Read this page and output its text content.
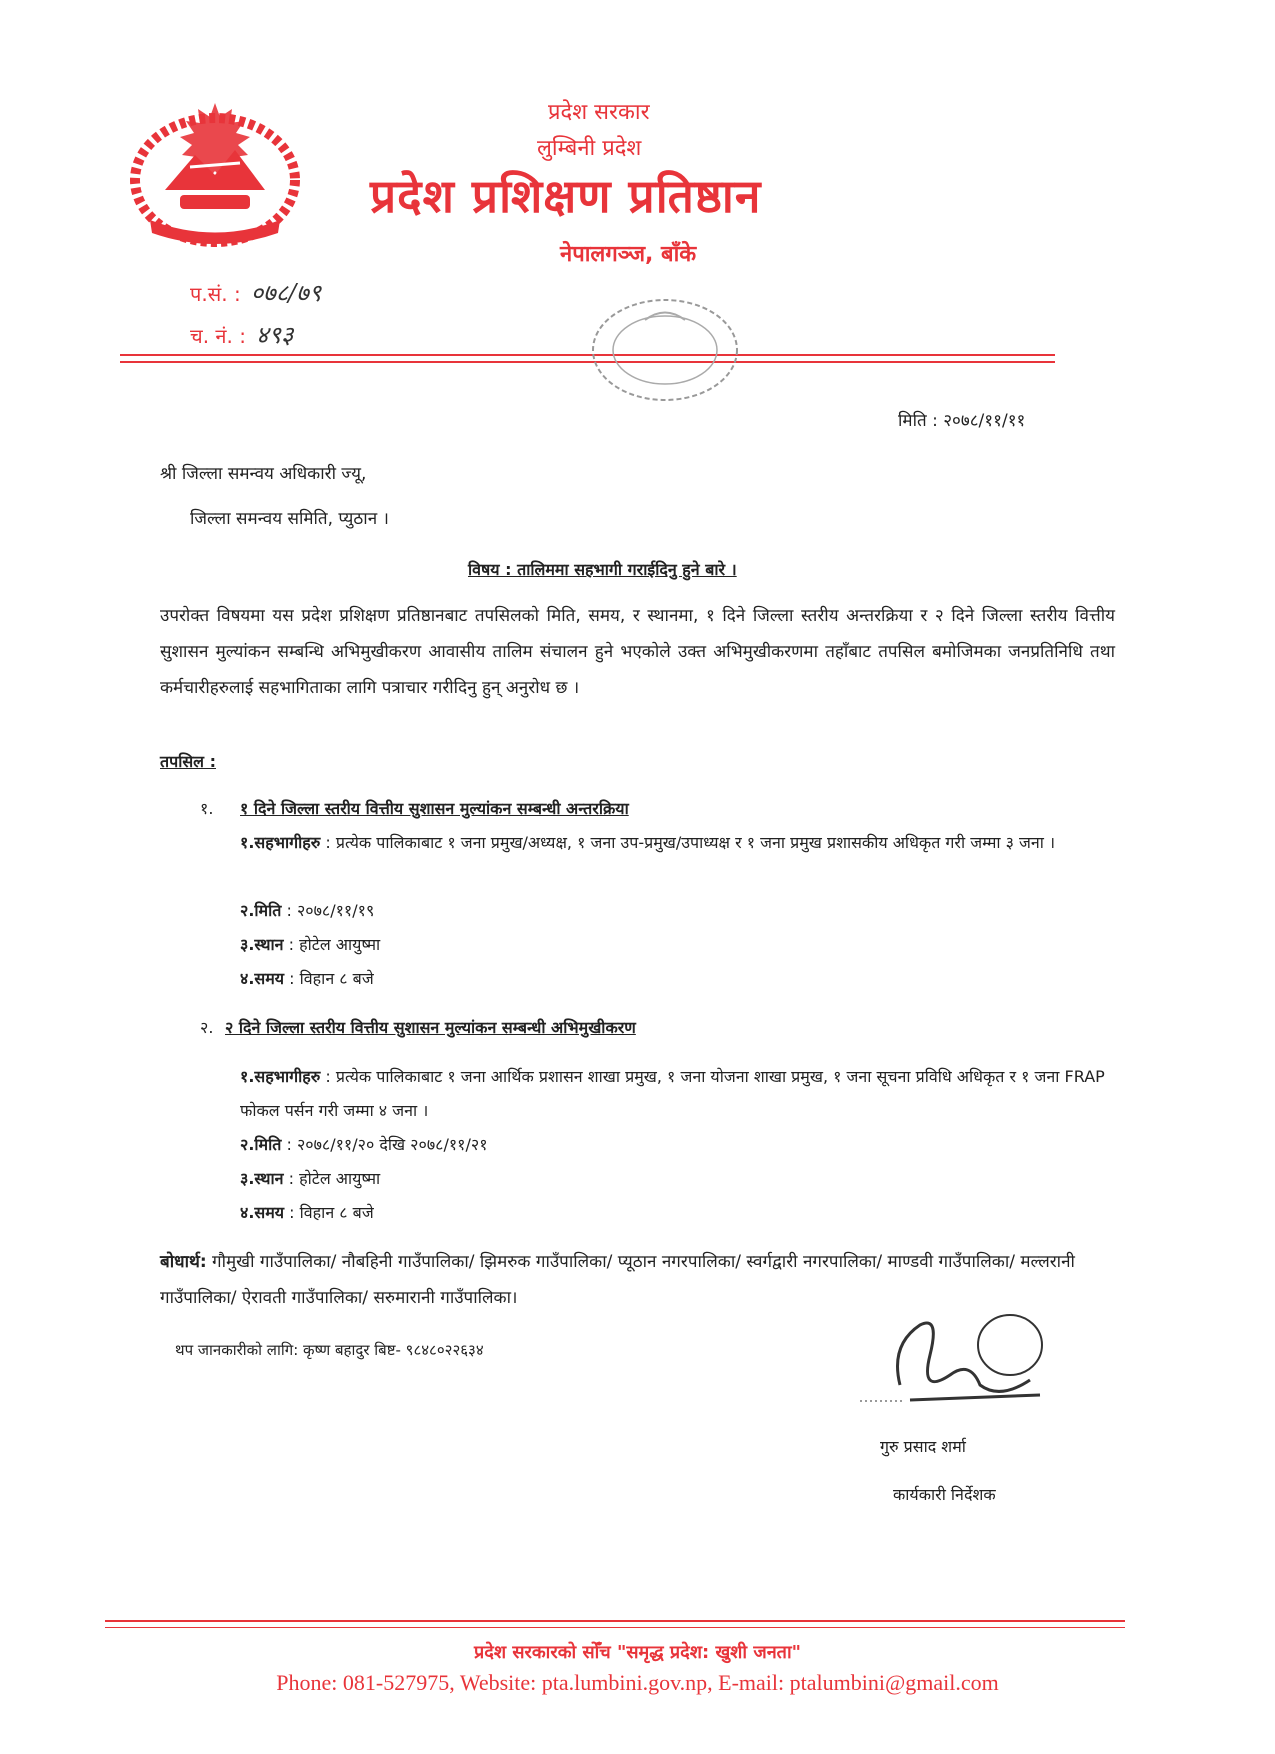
प्रदेश सरकार
लुम्बिनी प्रदेश
प्रदेश प्रशिक्षण प्रतिष्ठान
नेपालगञ्ज, बाँके
प.सं. : ०७८/७९
च. नं. : ४९३
मिति : २०७८/११/११
श्री जिल्ला समन्वय अधिकारी ज्यू,
जिल्ला समन्वय समिति, प्युठान ।
विषय : तालिममा सहभागी गराईदिनु हुने बारे ।
उपरोक्त विषयमा यस प्रदेश प्रशिक्षण प्रतिष्ठानबाट तपसिलको मिति, समय, र स्थानमा, १ दिने जिल्ला स्तरीय अन्तरक्रिया र २ दिने जिल्ला स्तरीय वित्तीय सुशासन मुल्यांकन सम्बन्धि अभिमुखीकरण आवासीय तालिम संचालन हुने भएकोले उक्त अभिमुखीकरणमा तहाँबाट तपसिल बमोजिमका जनप्रतिनिधि तथा कर्मचारीहरुलाई सहभागिताका लागि पत्राचार गरीदिनु हुन् अनुरोध छ ।
तपसिल :
१. १ दिने जिल्ला स्तरीय वित्तीय सुशासन मुल्यांकन सम्बन्धी अन्तरक्रिया
१.सहभागीहरु : प्रत्येक पालिकाबाट १ जना प्रमुख/अध्यक्ष, १ जना उप-प्रमुख/उपाध्यक्ष र १ जना प्रमुख प्रशासकीय अधिकृत गरी जम्मा ३ जना ।
२.मिति : २०७८/११/१९
३.स्थान : होटेल आयुष्मा
४.समय : विहान ८ बजे
२. २ दिने जिल्ला स्तरीय वित्तीय सुशासन मुल्यांकन सम्बन्धी अभिमुखीकरण
१.सहभागीहरु : प्रत्येक पालिकाबाट १ जना आर्थिक प्रशासन शाखा प्रमुख, १ जना योजना शाखा प्रमुख, १ जना सूचना प्रविधि अधिकृत र १ जना FRAP फोकल पर्सन गरी जम्मा ४ जना ।
२.मिति : २०७८/११/२० देखि २०७८/११/२१
३.स्थान : होटेल आयुष्मा
४.समय : विहान ८ बजे
बोधार्थ: गौमुखी गाउँपालिका/ नौबहिनी गाउँपालिका/ झिमरुक गाउँपालिका/ प्यूठान नगरपालिका/ स्वर्गद्वारी नगरपालिका/ माण्डवी गाउँपालिका/ मल्लरानी गाउँपालिका/ ऐरावती गाउँपालिका/ सरुमारानी गाउँपालिका।
थप जानकारीको लागि: कृष्ण बहादुर बिष्ट- ९८४८०२२६३४
गुरु प्रसाद शर्मा
कार्यकारी निर्देशक
प्रदेश सरकारको सोँच "समृद्ध प्रदेश: खुशी जनता"
Phone: 081-527975, Website: pta.lumbini.gov.np, E-mail: ptalumbini@gmail.com
